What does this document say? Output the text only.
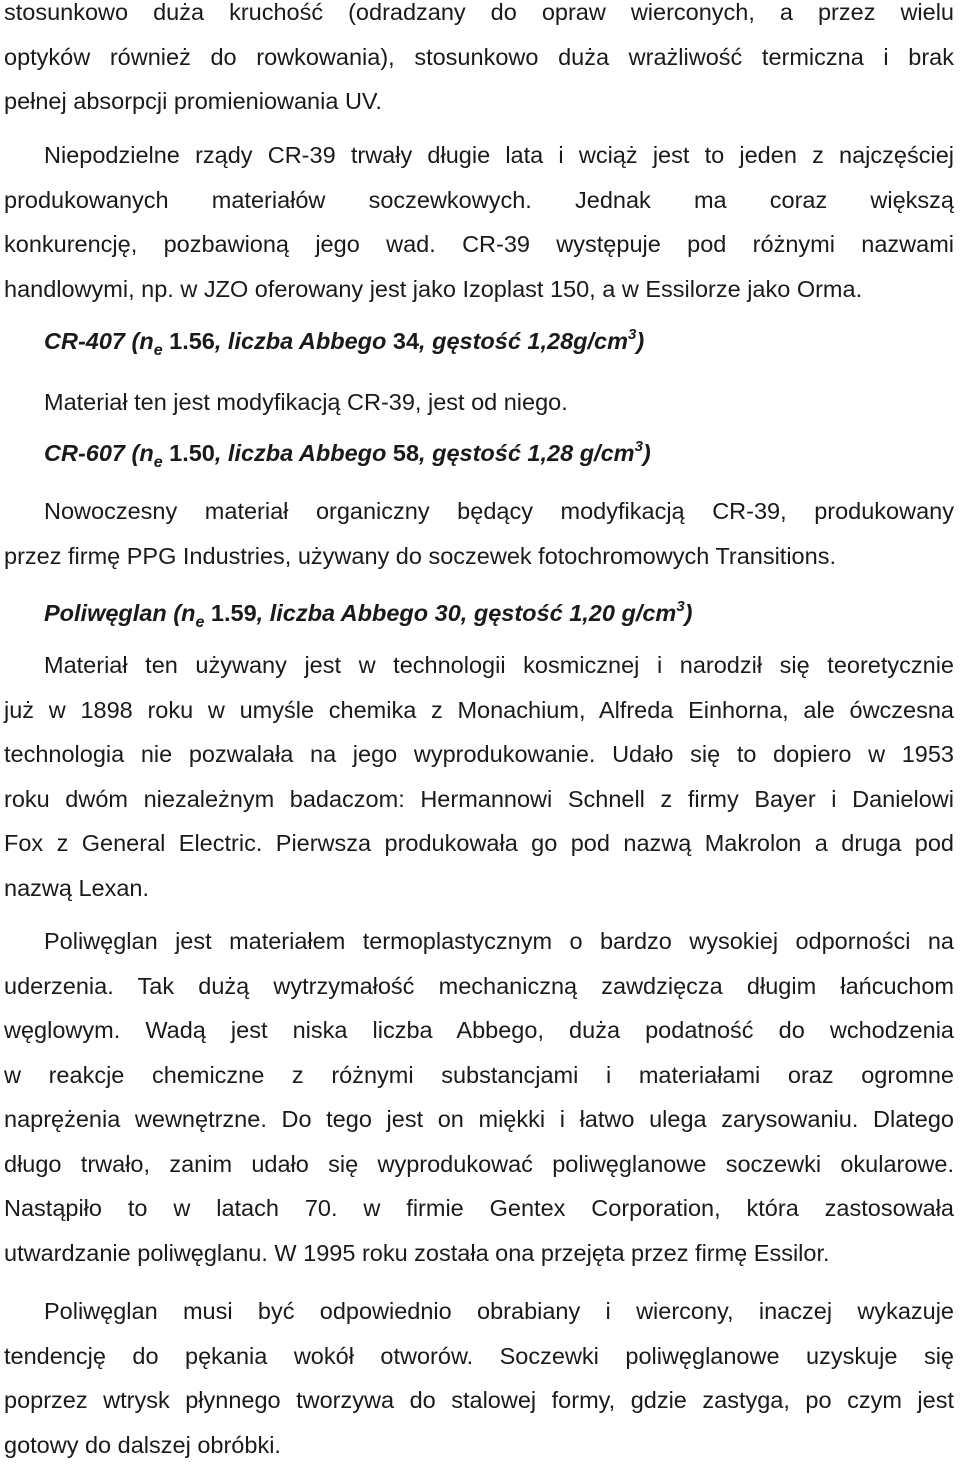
stosunkowo duża kruchość (odradzany do opraw wierconych, a przez wielu
optyków również do rowkowania), stosunkowo duża wrażliwość termiczna i brak
pełnej absorpcji promieniowania UV.
Niepodzielne rządy CR-39 trwały długie lata i wciąż jest to jeden z najczęściej
produkowanych materiałów soczewkowych. Jednak ma coraz większą
konkurencję, pozbawioną jego wad. CR-39 występuje pod różnymi nazwami
handlowymi, np. w JZO oferowany jest jako Izoplast 150, a w Essilorze jako Orma.
CR-407 ($n_e$ 1.56, liczba Abbego 34, gęstość $1,28g/cm^3$)
Materiał ten jest modyfikacją CR-39, jest od niego.
CR-607 ($n_e$ 1.50, liczba Abbego 58, gęstość 1,28 $g/cm^3$)
Nowoczesny materiał organiczny będący modyfikacją CR-39, produkowany
przez firmę PPG Industries, używany do soczewek fotochromowych Transitions.
Poliwęglan ($n_e$ 1.59, liczba Abbego 30, gęstość 1,20 $g/cm^3$)
Materiał ten używany jest w technologii kosmicznej i narodził się teoretycznie
już w 1898 roku w umyśle chemika z Monachium, Alfreda Einhorna, ale ówczesna
technologia nie pozwalała na jego wyprodukowanie. Udało się to dopiero w 1953
roku dwóm niezależnym badaczom: Hermannowi Schnell z firmy Bayer i Danielowi
Fox z General Electric. Pierwsza produkowała go pod nazwą Makrolon a druga pod
nazwą Lexan.
Poliwęglan jest materiałem termoplastycznym o bardzo wysokiej odporności na
uderzenia. Tak dużą wytrzymałość mechaniczną zawdzięcza długim łańcuchom
węglowym. Wadą jest niska liczba Abbego, duża podatność do wchodzenia
w reakcje chemiczne z różnymi substancjami i materiałami oraz ogromne
naprężenia wewnętrzne. Do tego jest on miękki i łatwo ulega zarysowaniu. Dlatego
długo trwało, zanim udało się wyprodukować poliwęglanowe soczewki okularowe.
Nastąpiło to w latach 70. w firmie Gentex Corporation, która zastosowała
utwardzanie poliwęglanu. W 1995 roku została ona przejęta przez firmę Essilor.
Poliwęglan musi być odpowiednio obrabiany i wiercony, inaczej wykazuje
tendencję do pękania wokół otworów. Soczewki poliwęglanowe uzyskuje się
poprzez wtrysk płynnego tworzywa do stalowej formy, gdzie zastyga, po czym jest
gotowy do dalszej obróbki.
